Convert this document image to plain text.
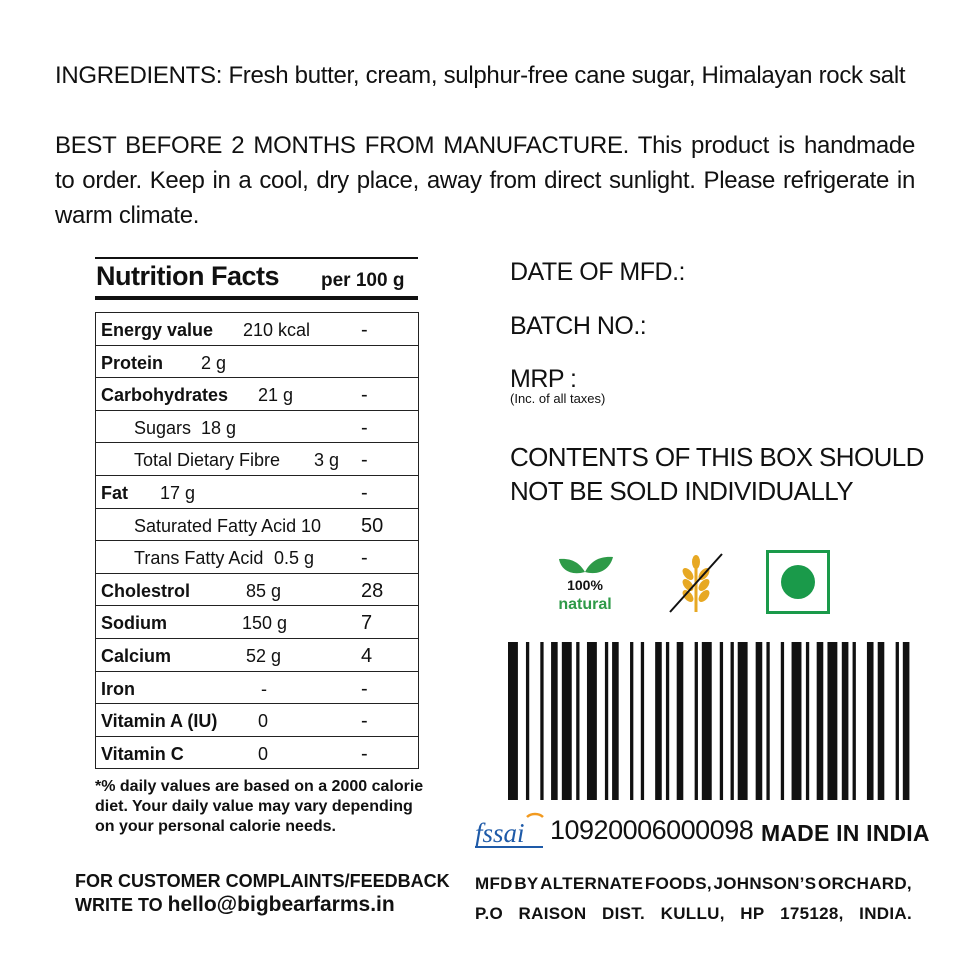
INGREDIENTS: Fresh butter, cream, sulphur-free cane sugar, Himalayan rock salt
BEST BEFORE 2 MONTHS FROM MANUFACTURE. This product is handmade to order. Keep in a cool, dry place, away from direct sunlight. Please refrigerate in warm climate.
Nutrition Facts per 100 g
Energy value 210 kcal	-

Protein 2 g

Carbohydrates 21 g	-

Sugars 18 g	-

Total Dietary Fibre 3 g -

Fat 17 g	-

Saturated Fatty Acid 10 50

Trans Fatty Acid 0.5 g -

Cholestrol	85 g	28

Sodium	150 g	7

Calcium	52 g	4

Iron	-	-

Vitamin A (IU) 0	-

Vitamin C	0	-
*% daily values are based on a 2000 calorie diet. Your daily value may vary depending on your personal calorie needs.
FOR CUSTOMER COMPLAINTS/FEEDBACK
WRITE TO hello@bigbearfarms.in
DATE OF MFD.:
BATCH NO.:
MRP :
(Inc. of all taxes)
CONTENTS OF THIS BOX SHOULD NOT BE SOLD INDIVIDUALLY
100%
natural
fssai 10920006000098 MADE IN INDIA
MFD BY ALTERNATE FOODS, JOHNSON’S ORCHARD,
P.O RAISON DIST. KULLU, HP 175128, INDIA.
